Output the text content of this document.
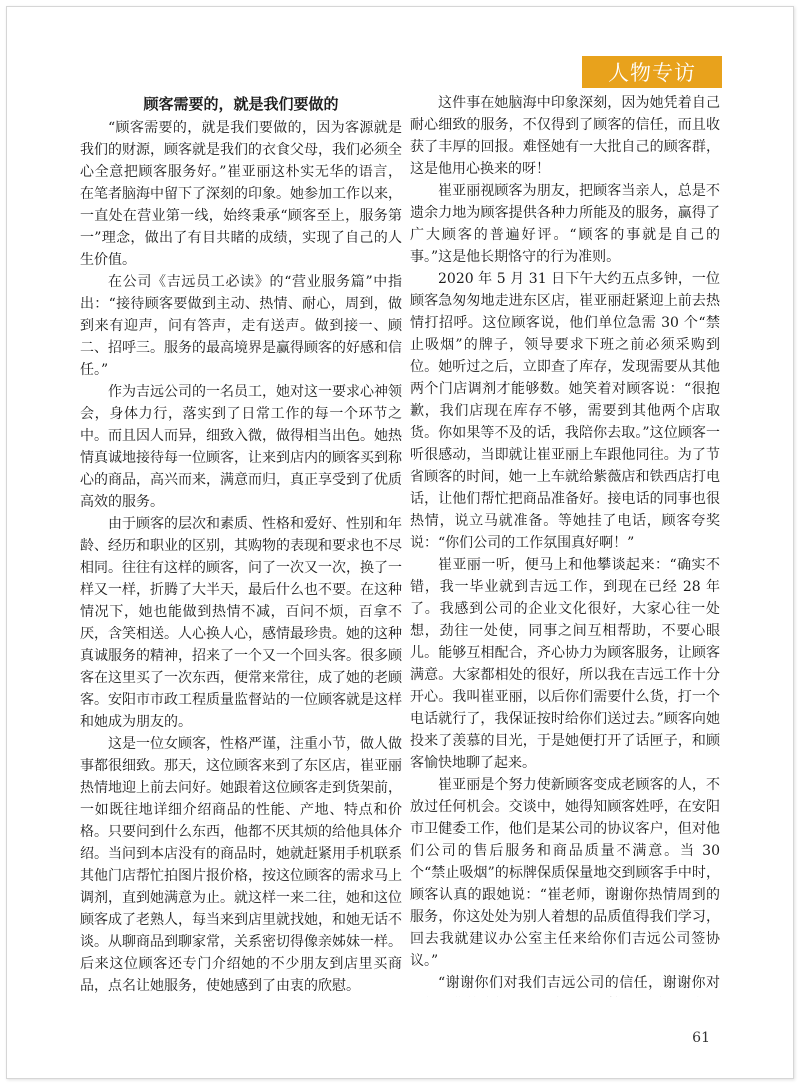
人物专访
顾客需要的，就是我们要做的

“顾客需要的，就是我们要做的，因为客源就是我们的财源，顾客就是我们的衣食父母，我们必须全心全意把顾客服务好。”崔亚丽这朴实无华的语言，在笔者脑海中留下了深刻的印象。她参加工作以来，一直处在营业第一线，始终秉承“顾客至上，服务第一”理念，做出了有目共睹的成绩，实现了自己的人生价值。

在公司《吉远员工必读》的“营业服务篇”中指出：“接待顾客要做到主动、热情、耐心，周到，做到来有迎声，问有答声，走有送声。做到接一、顾二、招呼三。服务的最高境界是赢得顾客的好感和信任。”

作为吉远公司的一名员工，她对这一要求心神领会，身体力行，落实到了日常工作的每一个环节之中。而且因人而异，细致入微，做得相当出色。她热情真诚地接待每一位顾客，让来到店内的顾客买到称心的商品，高兴而来，满意而归，真正享受到了优质高效的服务。

由于顾客的层次和素质、性格和爱好、性别和年龄、经历和职业的区别，其购物的表现和要求也不尽相同。往往有这样的顾客，问了一次又一次，换了一样又一样，折腾了大半天，最后什么也不要。在这种情况下，她也能做到热情不减，百问不烦，百拿不厌，含笑相送。人心换人心，感情最珍贵。她的这种真诚服务的精神，招来了一个又一个回头客。很多顾客在这里买了一次东西，便常来常往，成了她的老顾客。安阳市市政工程质量监督站的一位顾客就是这样和她成为朋友的。

这是一位女顾客，性格严谨，注重小节，做人做事都很细致。那天，这位顾客来到了东区店，崔亚丽热情地迎上前去问好。她跟着这位顾客走到货架前，一如既往地详细介绍商品的性能、产地、特点和价格。只要问到什么东西，他都不厌其烦的给他具体介绍。当问到本店没有的商品时，她就赶紧用手机联系其他门店帮忙拍图片报价格，按这位顾客的需求马上调剂，直到她满意为止。就这样一来二往，她和这位顾客成了老熟人，每当来到店里就找她，和她无话不谈。从聊商品到聊家常，关系密切得像亲姊妹一样。后来这位顾客还专门介绍她的不少朋友到店里买商品，点名让她服务，使她感到了由衷的欣慰。

这件事在她脑海中印象深刻，因为她凭着自己耐心细致的服务，不仅得到了顾客的信任，而且收获了丰厚的回报。难怪她有一大批自己的顾客群，这是他用心换来的呀！

崔亚丽视顾客为朋友，把顾客当亲人，总是不遗余力地为顾客提供各种力所能及的服务，赢得了广大顾客的普遍好评。“顾客的事就是自己的事。”这是他长期恪守的行为准则。

2020 年 5 月 31 日下午大约五点多钟，一位顾客急匆匆地走进东区店，崔亚丽赶紧迎上前去热情打招呼。这位顾客说，他们单位急需 30 个“禁止吸烟”的牌子，领导要求下班之前必须采购到位。她听过之后，立即查了库存，发现需要从其他两个门店调剂才能够数。她笑着对顾客说：“很抱歉，我们店现在库存不够，需要到其他两个店取货。你如果等不及的话，我陪你去取。”这位顾客一听很感动，当即就让崔亚丽上车跟他同往。为了节省顾客的时间，她一上车就给紫薇店和铁西店打电话，让他们帮忙把商品准备好。接电话的同事也很热情，说立马就准备。等她挂了电话，顾客夸奖说：“你们公司的工作氛围真好啊！”

崔亚丽一听，便马上和他攀谈起来：“确实不错，我一毕业就到吉远工作，到现在已经 28 年了。我感到公司的企业文化很好，大家心往一处想，劲往一处使，同事之间互相帮助，不要心眼儿。能够互相配合，齐心协力为顾客服务，让顾客满意。大家都相处的很好，所以我在吉远工作十分开心。我叫崔亚丽，以后你们需要什么货，打一个电话就行了，我保证按时给你们送过去。”顾客向她投来了羡慕的目光，于是她便打开了话匣子，和顾客愉快地聊了起来。

崔亚丽是个努力使新顾客变成老顾客的人，不放过任何机会。交谈中，她得知顾客姓呼，在安阳市卫健委工作，他们是某公司的协议客户，但对他们公司的售后服务和商品质量不满意。当 30 个“禁止吸烟”的标牌保质保量地交到顾客手中时，顾客认真的跟她说：“崔老师，谢谢你热情周到的服务，你这处处为别人着想的品质值得我们学习，回去我就建议办公室主任来给你们吉远公司签协议。”

“谢谢你们对我们吉远公司的信任，谢谢你对

61
